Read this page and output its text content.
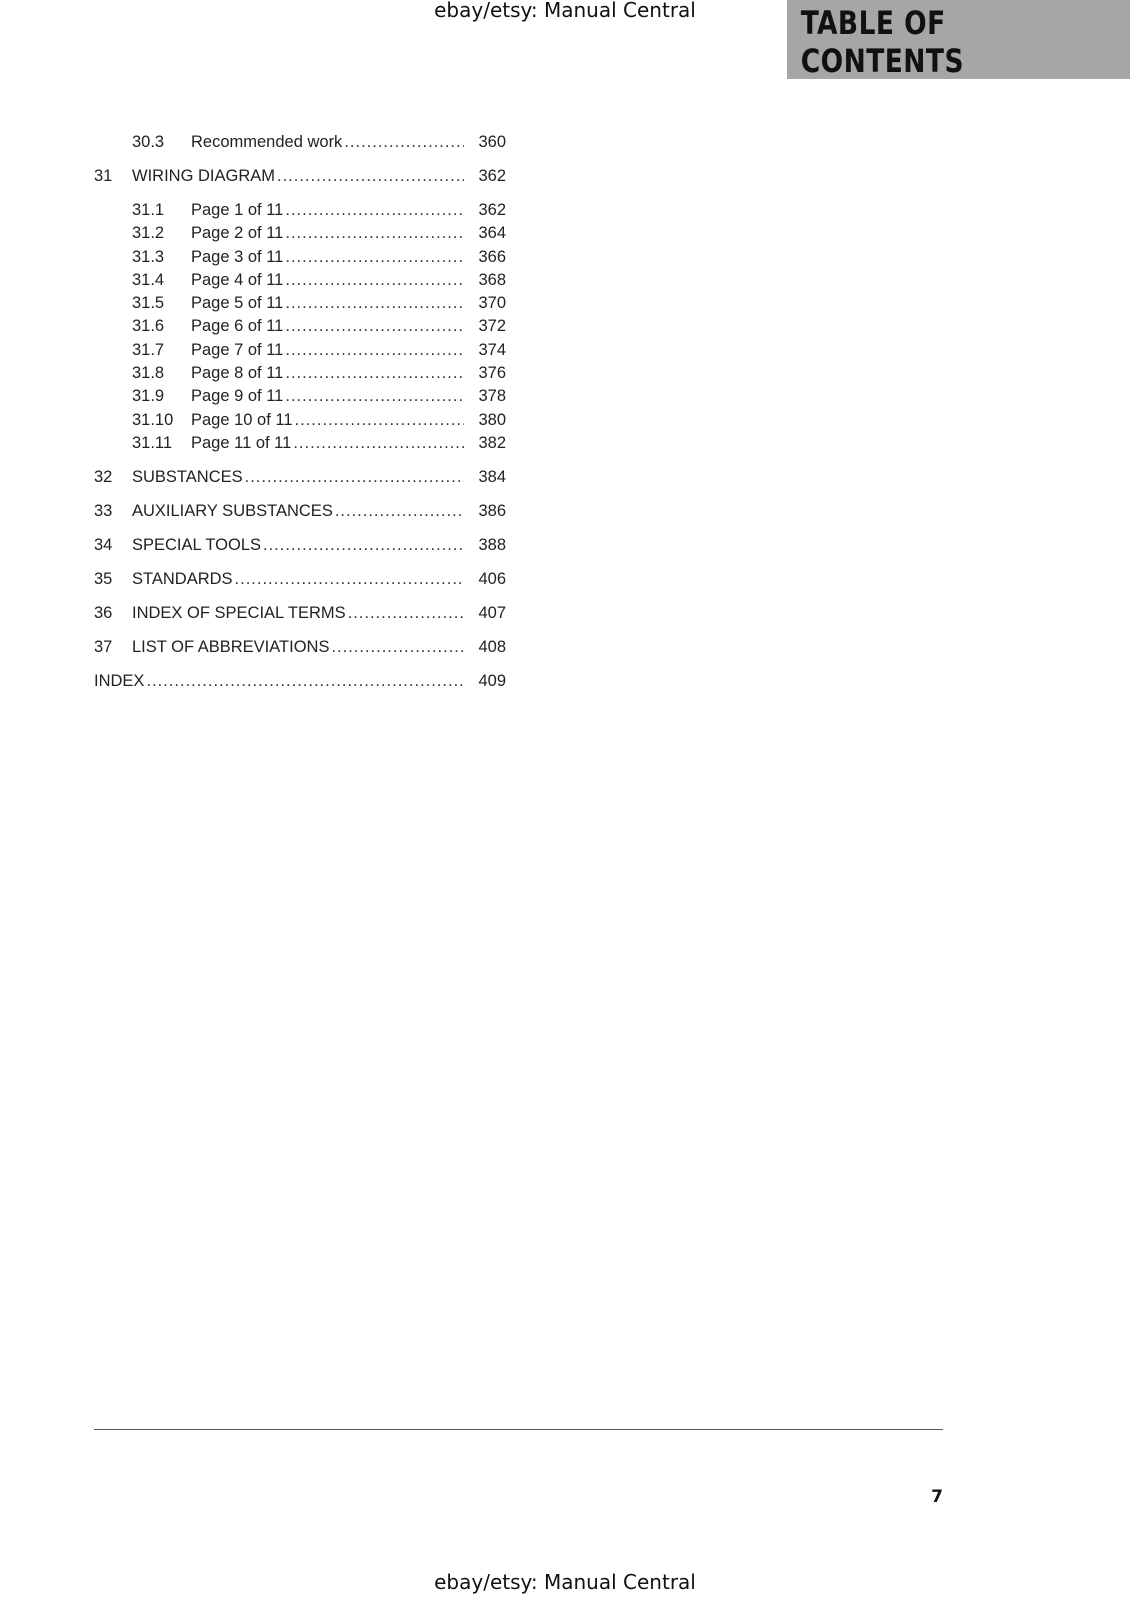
ebay/etsy: Manual Central	TABLE OF CONTENTS
30.3	Recommended work .....	360
31	WIRING DIAGRAM .....	362
31.1	Page 1 of 11 .....	362
31.2	Page 2 of 11 .....	364
31.3	Page 3 of 11 .....	366
31.4	Page 4 of 11 .....	368
31.5	Page 5 of 11 .....	370
31.6	Page 6 of 11 .....	372
31.7	Page 7 of 11 .....	374
31.8	Page 8 of 11 .....	376
31.9	Page 9 of 11 .....	378
31.10	Page 10 of 11 .....	380
31.11	Page 11 of 11 .....	382
32	SUBSTANCES .....	384
33	AUXILIARY SUBSTANCES .....	386
34	SPECIAL TOOLS .....	388
35	STANDARDS .....	406
36	INDEX OF SPECIAL TERMS .....	407
37	LIST OF ABBREVIATIONS .....	408
INDEX .....	409
7
ebay/etsy: Manual Central
